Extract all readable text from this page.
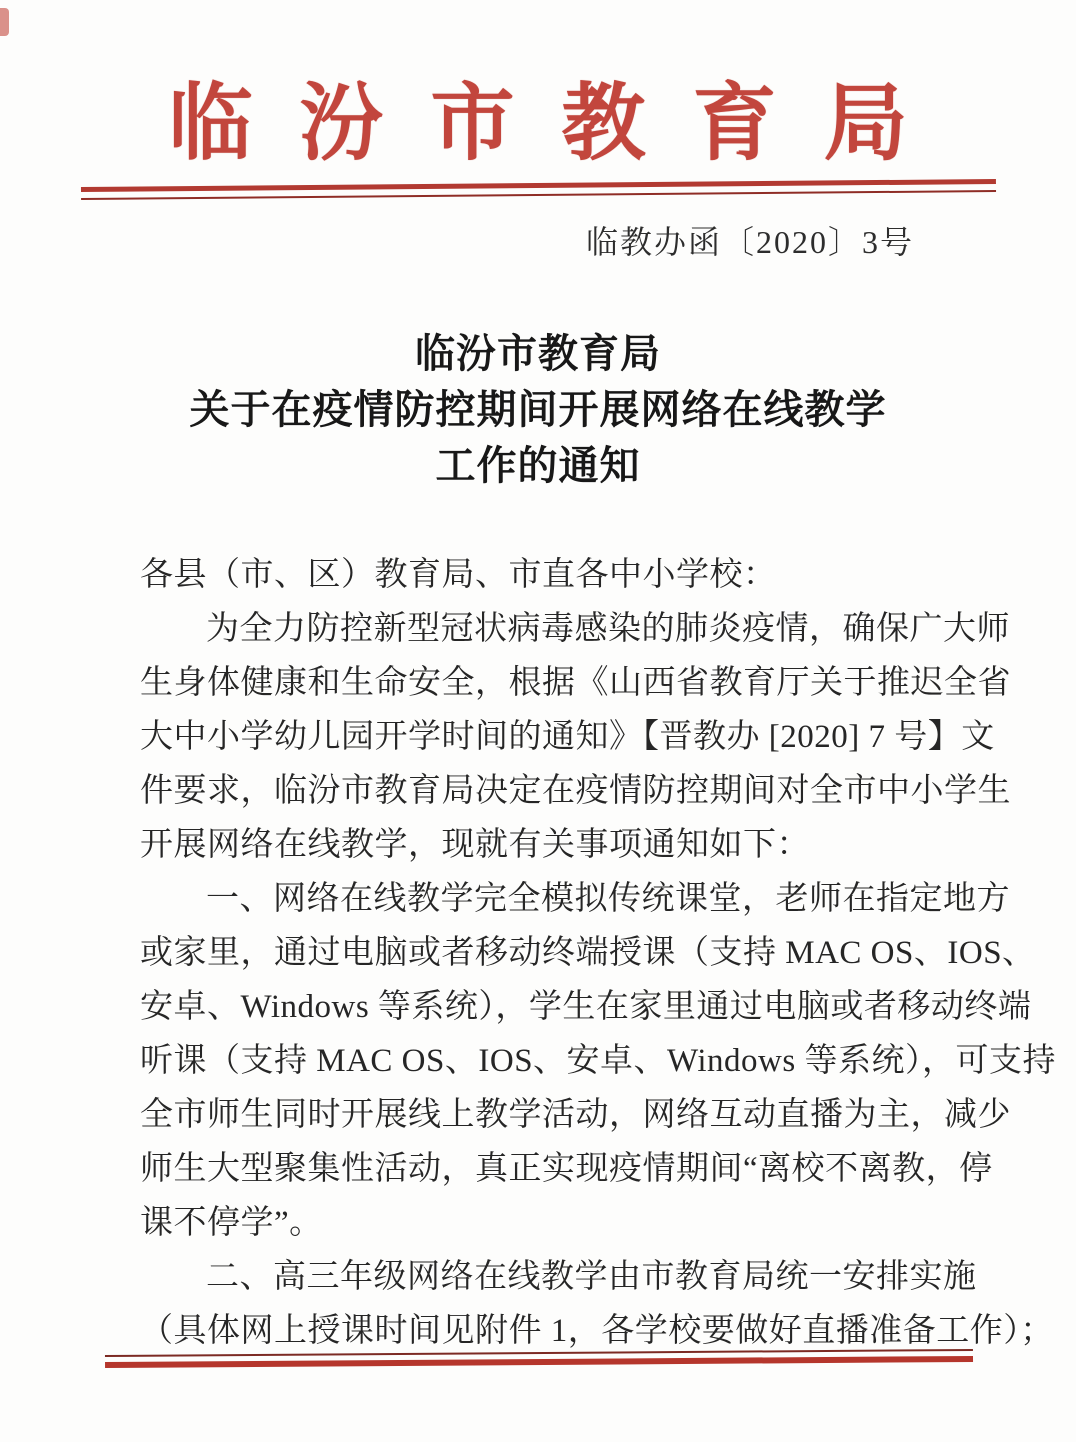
临汾市教育局
临教办函〔2020〕3号
临汾市教育局
关于在疫情防控期间开展网络在线教学
工作的通知
各县（市、区）教育局、市直各中小学校：
为全力防控新型冠状病毒感染的肺炎疫情，确保广大师
生身体健康和生命安全，根据《山西省教育厅关于推迟全省
大中小学幼儿园开学时间的通知》【晋教办 [2020] 7 号】文
件要求，临汾市教育局决定在疫情防控期间对全市中小学生
开展网络在线教学，现就有关事项通知如下：
一、网络在线教学完全模拟传统课堂，老师在指定地方
或家里，通过电脑或者移动终端授课（支持 MAC OS、IOS、
安卓、Windows 等系统），学生在家里通过电脑或者移动终端
听课（支持 MAC OS、IOS、安卓、Windows 等系统），可支持
全市师生同时开展线上教学活动，网络互动直播为主，减少
师生大型聚集性活动，真正实现疫情期间“离校不离教，停
课不停学”。
二、高三年级网络在线教学由市教育局统一安排实施
（具体网上授课时间见附件 1，各学校要做好直播准备工作）；
